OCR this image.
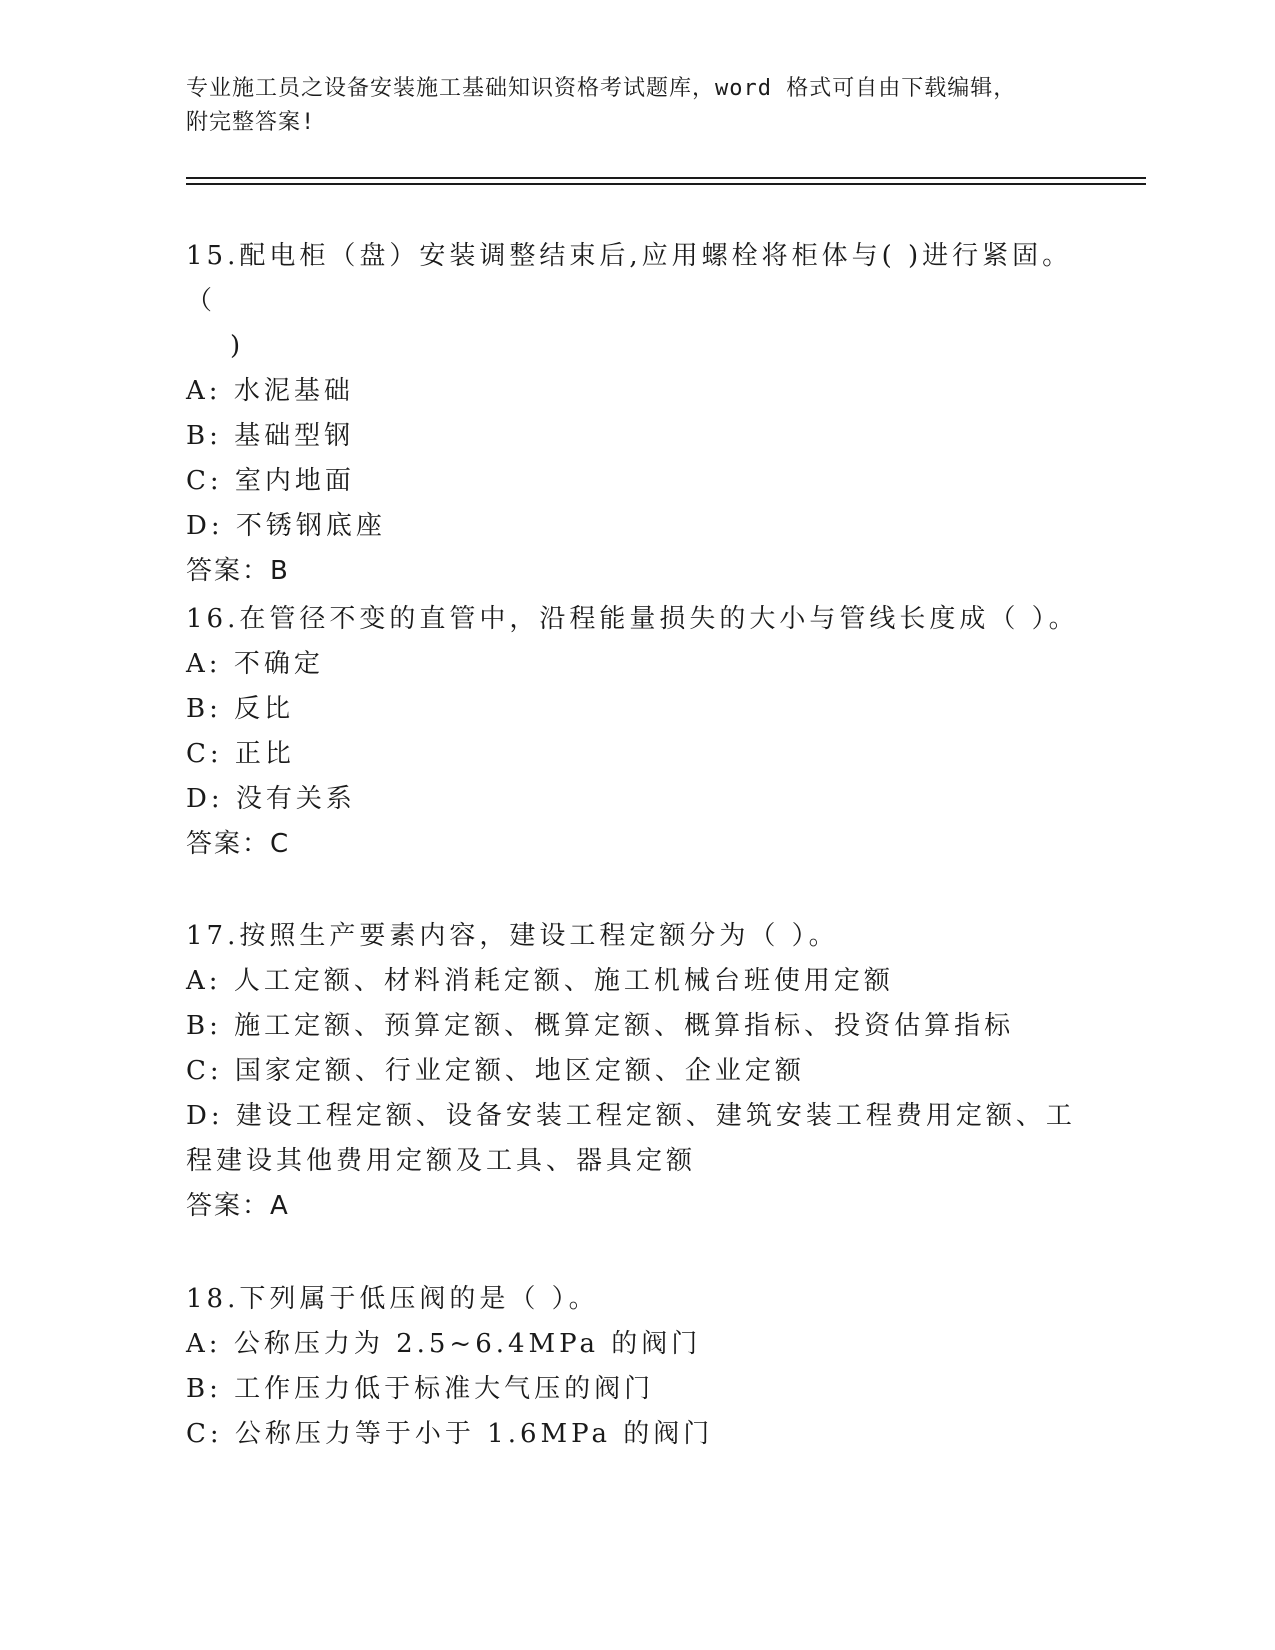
专业施工员之设备安装施工基础知识资格考试题库，word 格式可自由下载编辑，
附完整答案!

15.配电柜（盘）安装调整结束后,应用螺栓将柜体与( )进行紧固。（

)

A: 水泥基础

B: 基础型钢

C: 室内地面

D: 不锈钢底座

答案：B

16.在管径不变的直管中，沿程能量损失的大小与管线长度成（ ）。

A: 不确定

B: 反比

C: 正比

D: 没有关系

答案：C

17.按照生产要素内容，建设工程定额分为（ ）。

A: 人工定额、材料消耗定额、施工机械台班使用定额

B: 施工定额、预算定额、概算定额、概算指标、投资估算指标

C: 国家定额、行业定额、地区定额、企业定额

D: 建设工程定额、设备安装工程定额、建筑安装工程费用定额、工程建设其他费用定额及工具、器具定额

答案：A

18.下列属于低压阀的是（ ）。

A: 公称压力为 2.5~6.4MPa 的阀门

B: 工作压力低于标准大气压的阀门

C: 公称压力等于小于 1.6MPa 的阀门
